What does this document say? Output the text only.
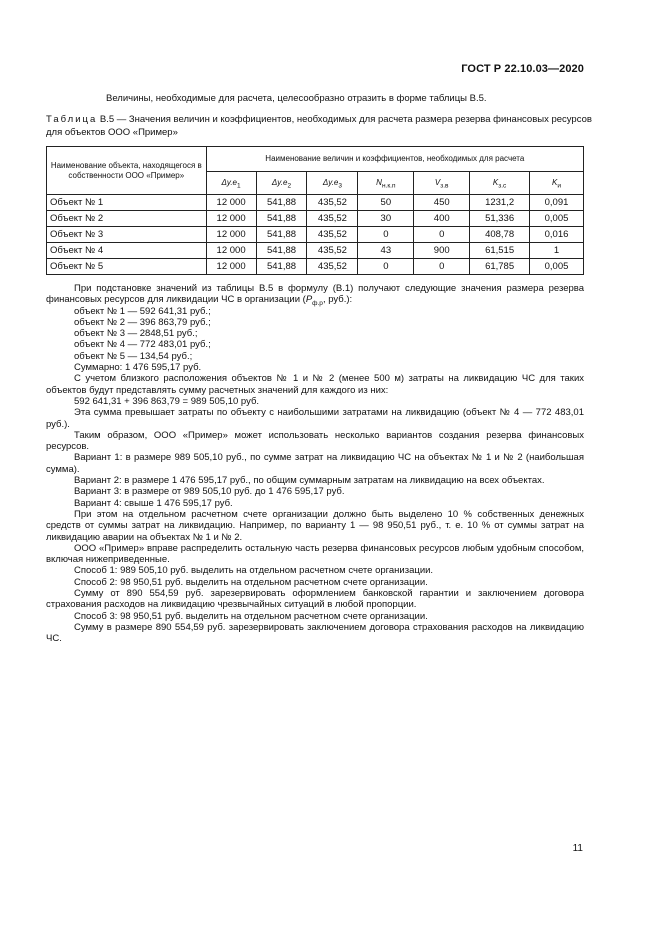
ГОСТ Р 22.10.03—2020
Величины, необходимые для расчета, целесообразно отразить в форме таблицы В.5.
Таблица В.5 — Значения величин и коэффициентов, необходимых для расчета размера резерва финансовых ресурсов для объектов ООО «Пример»
Наименование объекта, находящегося в собственности ООО «Пример»	Наименование величин и коэффициентов, необходимых для расчета						
	$\Delta у.е_1$	$\Delta у.е_2$	$\Delta у.е_3$	$N_{н.к.п}$	$V_{з.в}$	$K_{з.с}$	$K_и$
Объект № 1	12 000	541,88	435,52	50	450	1231,2	0,091
Объект № 2	12 000	541,88	435,52	30	400	51,336	0,005
Объект № 3	12 000	541,88	435,52	0	0	408,78	0,016
Объект № 4	12 000	541,88	435,52	43	900	61,515	1
Объект № 5	12 000	541,88	435,52	0	0	61,785	0,005

При подстановке значений из таблицы В.5 в формулу (В.1) получают следующие значения размера резерва финансовых ресурсов для ликвидации ЧС в организации ($Р_{ф.р}$, руб.):

объект № 1 — 592 641,31 руб.;

объект № 2 — 396 863,79 руб.;

объект № 3 — 2848,51 руб.;

объект № 4 — 772 483,01 руб.;

объект № 5 — 134,54 руб.;

Суммарно: 1 476 595,17 руб.

С учетом близкого расположения объектов № 1 и № 2 (менее 500 м) затраты на ликвидацию ЧС для таких объектов будут представлять сумму расчетных значений для каждого из них:

592 641,31 + 396 863,79 = 989 505,10 руб.

Эта сумма превышает затраты по объекту с наибольшими затратами на ликвидацию (объект № 4 — 772 483,01 руб.).

Таким образом, ООО «Пример» может использовать несколько вариантов создания резерва финансовых ресурсов.

Вариант 1: в размере 989 505,10 руб., по сумме затрат на ликвидацию ЧС на объектах № 1 и № 2 (наибольшая сумма).

Вариант 2: в размере 1 476 595,17 руб., по общим суммарным затратам на ликвидацию на всех объектах.

Вариант 3: в размере от 989 505,10 руб. до 1 476 595,17 руб.

Вариант 4: свыше 1 476 595,17 руб.

При этом на отдельном расчетном счете организации должно быть выделено 10 % собственных денежных средств от суммы затрат на ликвидацию. Например, по варианту 1 — 98 950,51 руб., т. е. 10 % от суммы затрат на ликвидацию аварии на объектах № 1 и № 2.

ООО «Пример» вправе распределить остальную часть резерва финансовых ресурсов любым удобным способом, включая нижеприведенные.

Способ 1: 989 505,10 руб. выделить на отдельном расчетном счете организации.

Способ 2: 98 950,51 руб. выделить на отдельном расчетном счете организации.

Сумму от 890 554,59 руб. зарезервировать оформлением банковской гарантии и заключением договора страхования расходов на ликвидацию чрезвычайных ситуаций в любой пропорции.

Способ 3: 98 950,51 руб. выделить на отдельном расчетном счете организации.

Сумму в размере 890 554,59 руб. зарезервировать заключением договора страхования расходов на ликвидацию ЧС.

11
